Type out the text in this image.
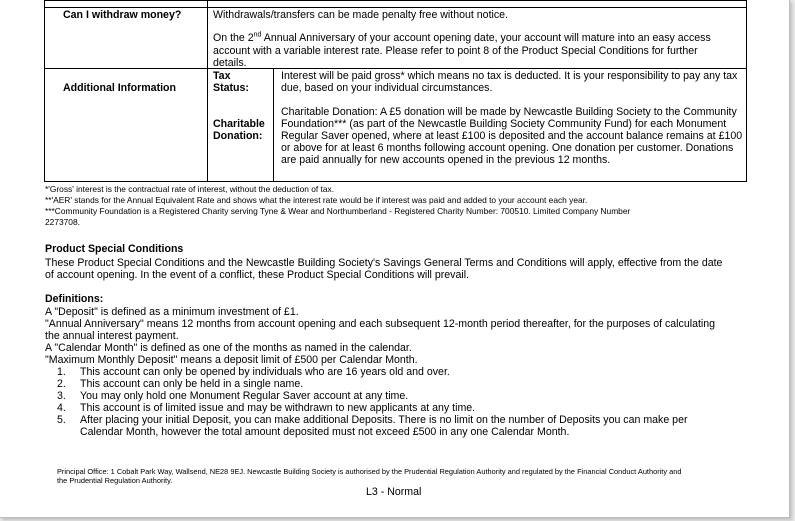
Can I withdraw money?	Withdrawals/transfers can be made penalty free without notice.
On the 2nd Annual Anniversary of your account opening date, your account will mature into an easy access
account with a variable interest rate. Please refer to point 8 of the Product Special Conditions for further
details.
Additional Information
Tax
Status:
Interest will be paid gross* which means no tax is deducted. It is your responsibility to pay any tax
due, based on your individual circumstances.
Charitable
Donation:
Charitable Donation: A £5 donation will be made by Newcastle Building Society to the Community
Foundation*** (as part of the Newcastle Building Society Community Fund) for each Monument
Regular Saver opened, where at least £100 is deposited and the account balance remains at £100
or above for at least 6 months following account opening. One donation per customer. Donations
are paid annually for new accounts opened in the previous 12 months.
*'Gross' interest is the contractual rate of interest, without the deduction of tax.
**'AER' stands for the Annual Equivalent Rate and shows what the interest rate would be if interest was paid and added to your account each year.
***Community Foundation is a Registered Charity serving Tyne & Wear and Northumberland - Registered Charity Number: 700510. Limited Company Number
2273708.
Product Special Conditions
These Product Special Conditions and the Newcastle Building Society's Savings General Terms and Conditions will apply, effective from the date
of account opening. In the event of a conflict, these Product Special Conditions will prevail.
Definitions:
A "Deposit" is defined as a minimum investment of £1.
"Annual Anniversary" means 12 months from account opening and each subsequent 12-month period thereafter, for the purposes of calculating
the annual interest payment.
A "Calendar Month" is defined as one of the months as named in the calendar.
"Maximum Monthly Deposit" means a deposit limit of £500 per Calendar Month.
1. This account can only be opened by individuals who are 16 years old and over.
2. This account can only be held in a single name.
3. You may only hold one Monument Regular Saver account at any time.
4. This account is of limited issue and may be withdrawn to new applicants at any time.
5. After placing your initial Deposit, you can make additional Deposits. There is no limit on the number of Deposits you can make per
Calendar Month, however the total amount deposited must not exceed £500 in any one Calendar Month.
Principal Office: 1 Cobalt Park Way, Wallsend, NE28 9EJ. Newcastle Building Society is authorised by the Prudential Regulation Authority and regulated by the Financial Conduct Authority and
the Prudential Regulation Authority.
L3 - Normal
